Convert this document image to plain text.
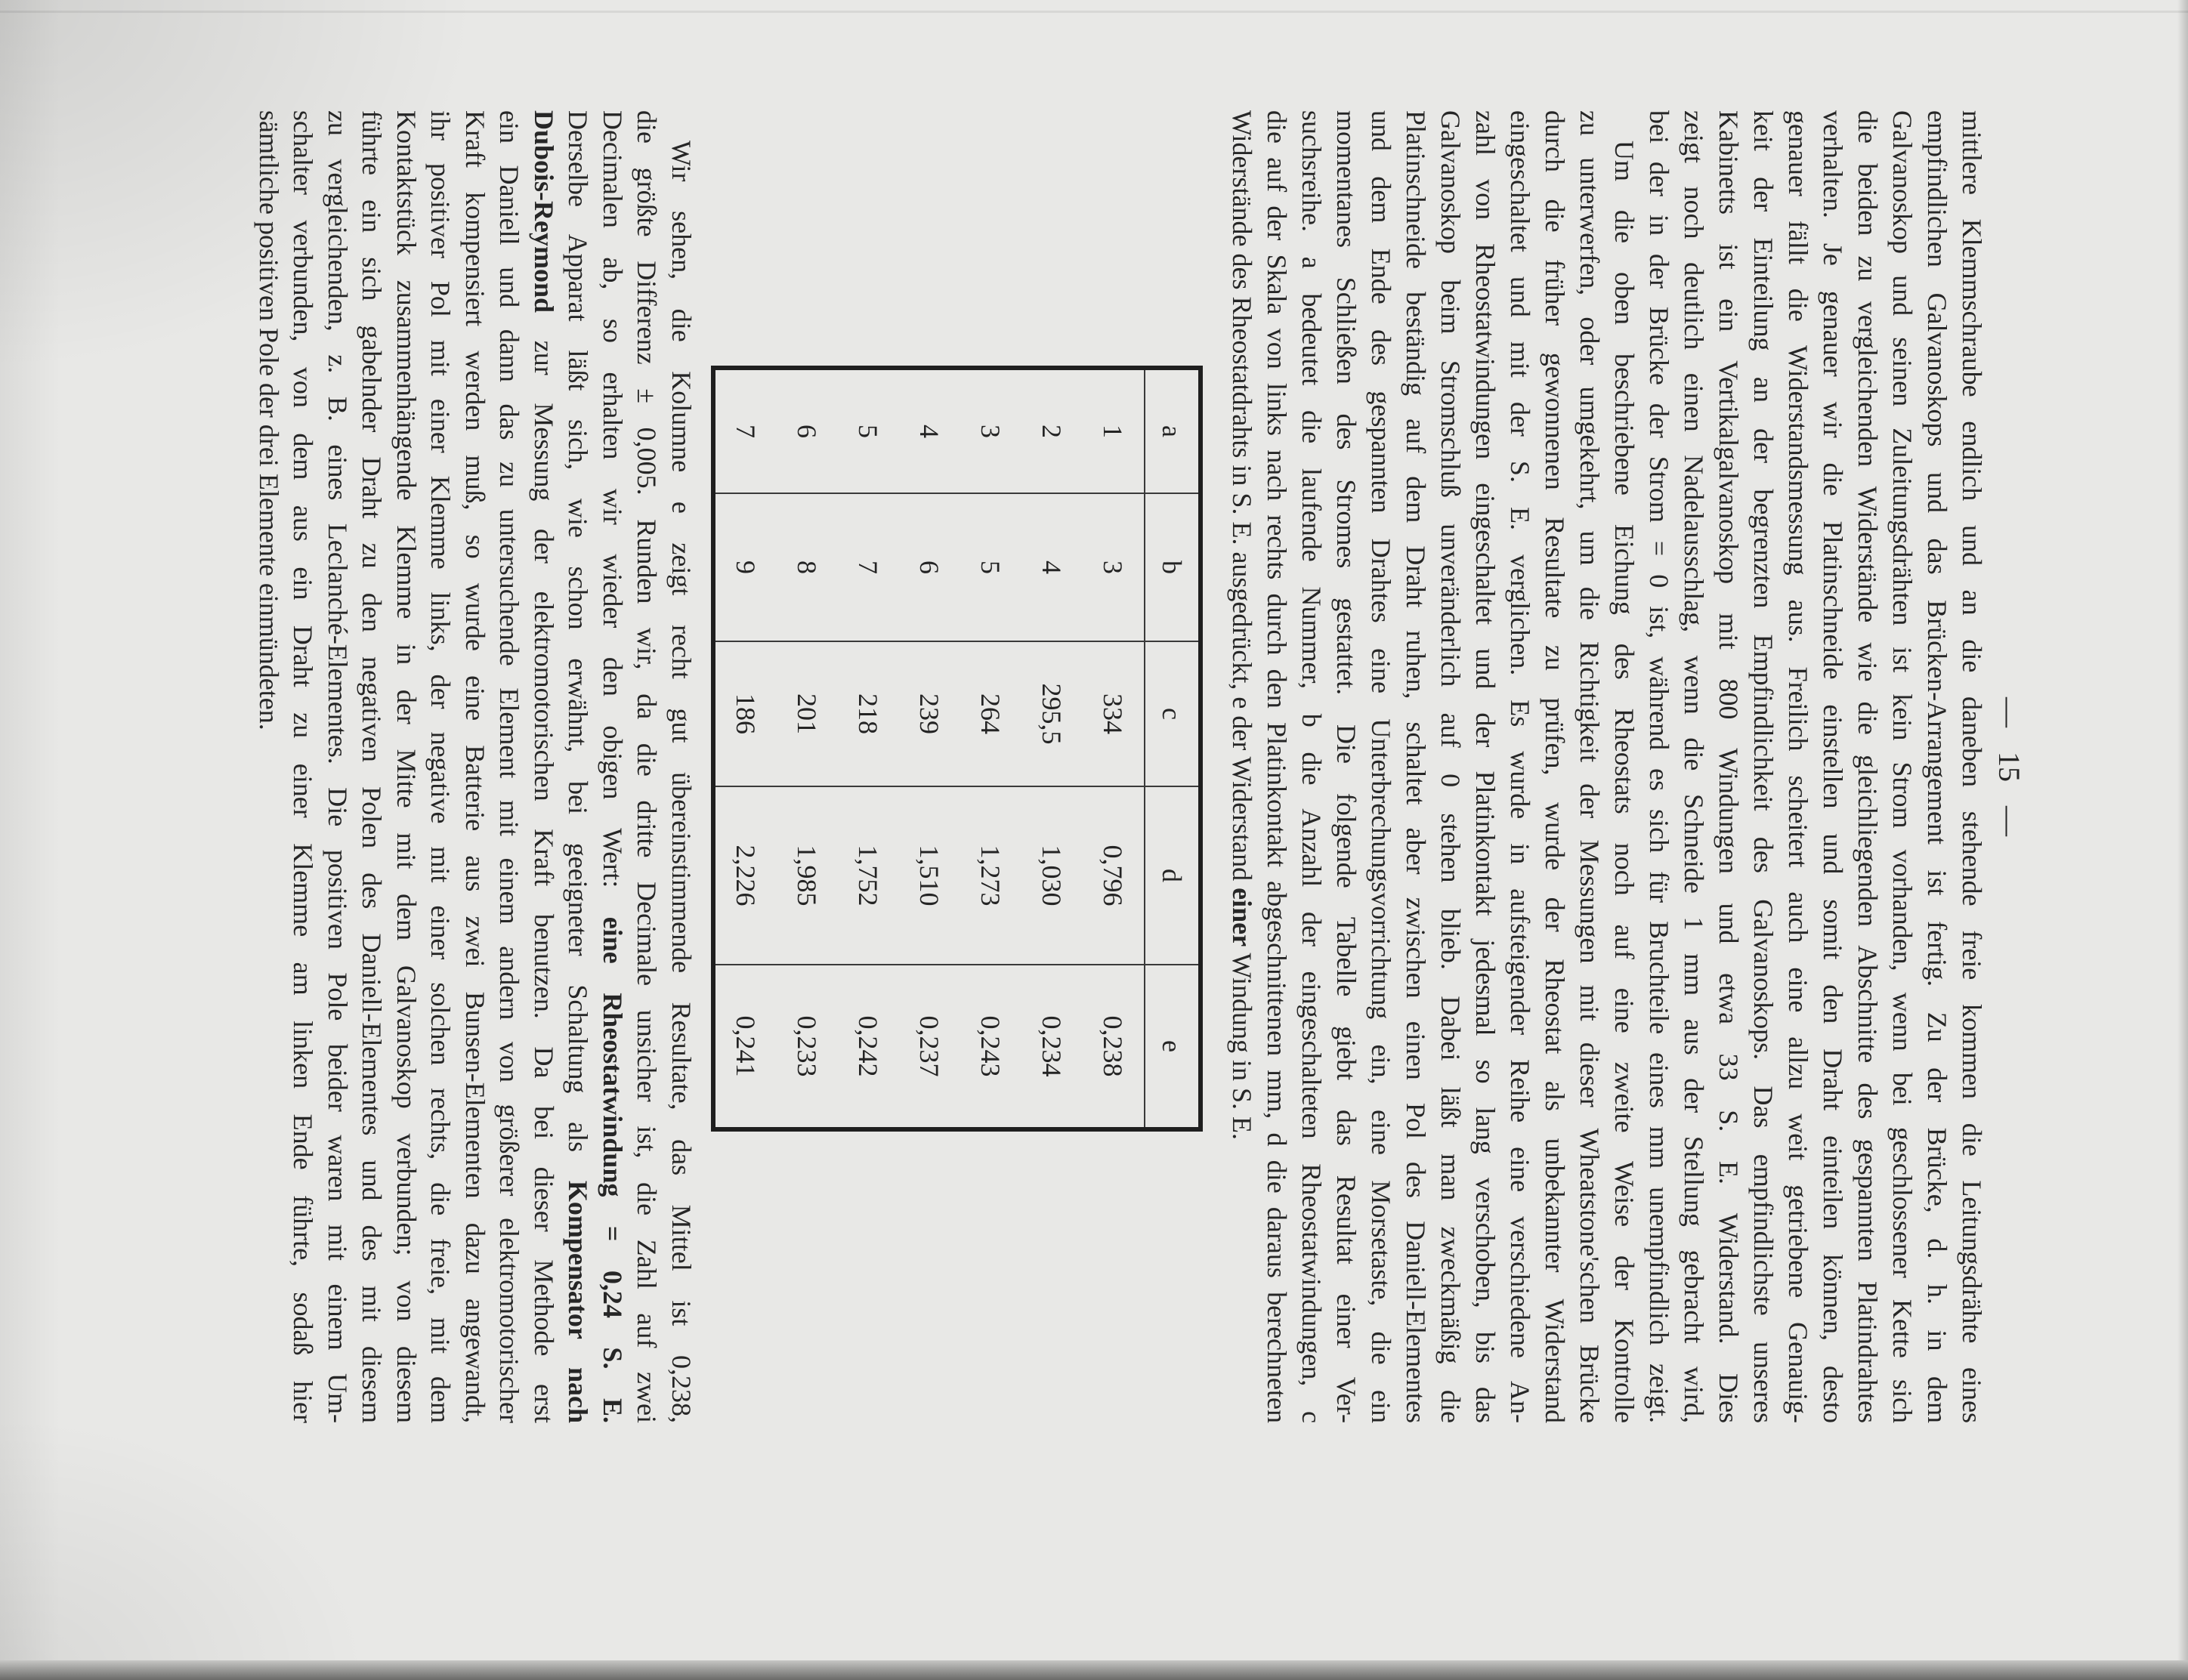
— 15 —
mittlere Klemmschraube endlich und an die daneben stehende freie kommen die Leitungsdrähte eines
empfindlichen Galvanoskops und das Brücken-Arrangement ist fertig. Zu der Brücke, d. h. in dem
Galvanoskop und seinen Zuleitungsdrähten ist kein Strom vorhanden, wenn bei geschlossener Kette sich
die beiden zu vergleichenden Widerstände wie die gleichliegenden Abschnitte des gespannten Platindrahtes
verhalten. Je genauer wir die Platinschneide einstellen und somit den Draht einteilen können, desto
genauer fällt die Widerstandsmessung aus. Freilich scheitert auch eine allzu weit getriebene Genauig-
keit der Einteilung an der begrenzten Empfindlichkeit des Galvanoskops. Das empfindlichste unseres
Kabinetts ist ein Vertikalgalvanoskop mit 800 Windungen und etwa 33 S. E. Widerstand. Dies
zeigt noch deutlich einen Nadelausschlag, wenn die Schneide 1 mm aus der Stellung gebracht wird,
bei der in der Brücke der Strom = 0 ist, während es sich für Bruchteile eines mm unempfindlich zeigt.
Um die oben beschriebene Eichung des Rheostats noch auf eine zweite Weise der Kontrolle
zu unterwerfen, oder umgekehrt, um die Richtigkeit der Messungen mit dieser Wheatstone'schen Brücke
durch die früher gewonnenen Resultate zu prüfen, wurde der Rheostat als unbekannter Widerstand
eingeschaltet und mit der S. E. verglichen. Es wurde in aufsteigender Reihe eine verschiedene An-
zahl von Rheostatwindungen eingeschaltet und der Platinkontakt jedesmal so lang verschoben, bis das
Galvanoskop beim Stromschluß unveränderlich auf 0 stehen blieb. Dabei läßt man zweckmäßig die
Platinschneide beständig auf dem Draht ruhen, schaltet aber zwischen einen Pol des Daniell-Elementes
und dem Ende des gespannten Drahtes eine Unterbrechungsvorrichtung ein, eine Morsetaste, die ein
momentanes Schließen des Stromes gestattet. Die folgende Tabelle giebt das Resultat einer Ver-
suchsreihe. a bedeutet die laufende Nummer, b die Anzahl der eingeschalteten Rheostatwindungen, c
die auf der Skala von links nach rechts durch den Platinkontakt abgeschnittenen mm, d die daraus berechneten
Widerstände des Rheostatdrahts in S. E. ausgedrückt, e der Widerstand einer Windung in S. E.
a	b	c	d	e
1	3	334	0,796	0,238
2	4	295,5	1,030	0,234
3	5	264	1,273	0,243
4	6	239	1,510	0,237
5	7	218	1,752	0,242
6	8	201	1,985	0,233
7	9	186	2,226	0,241
Wir sehen, die Kolumne e zeigt recht gut übereinstimmende Resultate, das Mittel ist 0,238,
die größte Differenz ± 0,005. Runden wir, da die dritte Decimale unsicher ist, die Zahl auf zwei
Decimalen ab, so erhalten wir wieder den obigen Wert: eine Rheostatwindung = 0,24 S. E.
Derselbe Apparat läßt sich, wie schon erwähnt, bei geeigneter Schaltung als Kompensator nach
Dubois-Reymond zur Messung der elektromotorischen Kraft benutzen. Da bei dieser Methode erst
ein Daniell und dann das zu untersuchende Element mit einem andern von größerer elektromotorischer
Kraft kompensiert werden muß, so wurde eine Batterie aus zwei Bunsen-Elementen dazu angewandt,
ihr positiver Pol mit einer Klemme links, der negative mit einer solchen rechts, die freie, mit dem
Kontaktstück zusammenhängende Klemme in der Mitte mit dem Galvanoskop verbunden; von diesem
führte ein sich gabelnder Draht zu den negativen Polen des Daniell-Elementes und des mit diesem
zu vergleichenden, z. B. eines Leclanché-Elementes. Die positiven Pole beider waren mit einem Um-
schalter verbunden, von dem aus ein Draht zu einer Klemme am linken Ende führte, sodaß hier
sämtliche positiven Pole der drei Elemente einmündeten.
